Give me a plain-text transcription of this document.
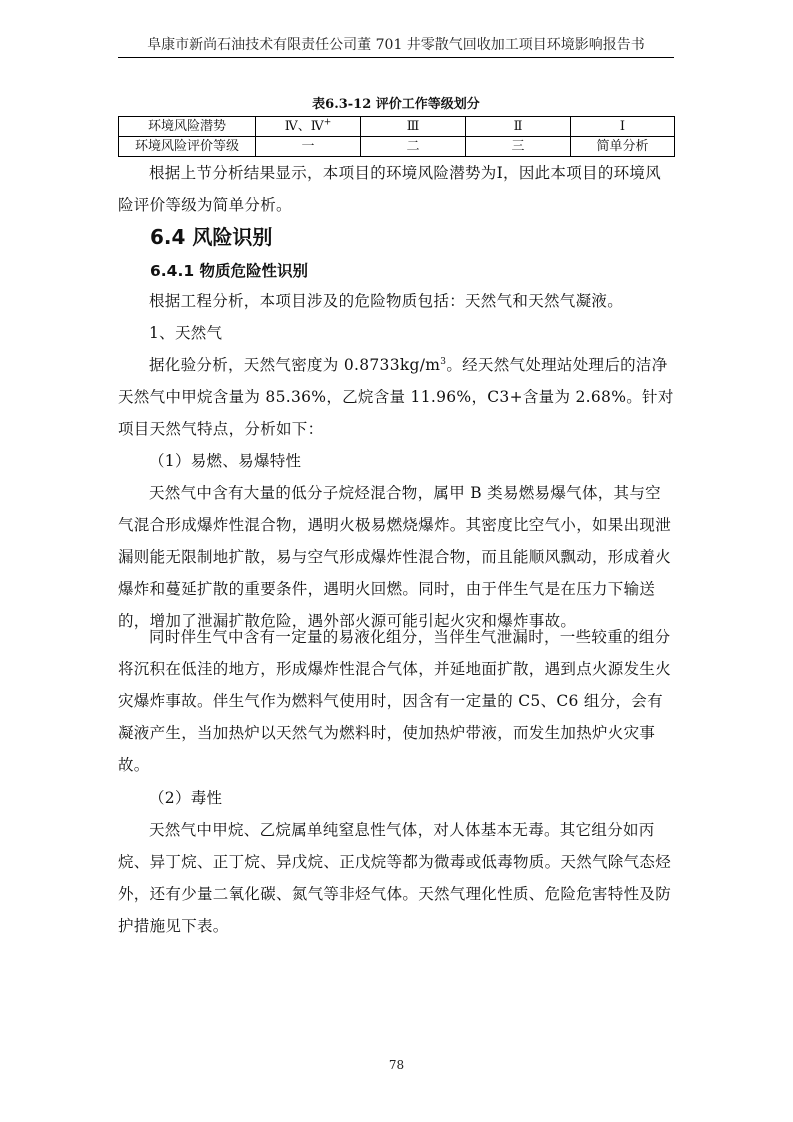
阜康市新尚石油技术有限责任公司董 701 井零散气回收加工项目环境影响报告书
表6.3-12 评价工作等级划分
环境风险潜势	Ⅳ、Ⅳ+	Ⅲ	Ⅱ	Ⅰ
环境风险评价等级	一	二	三	简单分析
根据上节分析结果显示，本项目的环境风险潜势为Ⅰ，因此本项目的环境风险评价等级为简单分析。
6.4 风险识别
6.4.1 物质危险性识别
根据工程分析，本项目涉及的危险物质包括：天然气和天然气凝液。
1、天然气
据化验分析，天然气密度为 $0.8733kg/m^3$。经天然气处理站处理后的洁净天然气中甲烷含量为 85.36%，乙烷含量 11.96%，C3+含量为 2.68%。针对项目天然气特点，分析如下：
（1）易燃、易爆特性
天然气中含有大量的低分子烷烃混合物，属甲 B 类易燃易爆气体，其与空气混合形成爆炸性混合物，遇明火极易燃烧爆炸。其密度比空气小，如果出现泄漏则能无限制地扩散，易与空气形成爆炸性混合物，而且能顺风飘动，形成着火爆炸和蔓延扩散的重要条件，遇明火回燃。同时，由于伴生气是在压力下输送的，增加了泄漏扩散危险，遇外部火源可能引起火灾和爆炸事故。
同时伴生气中含有一定量的易液化组分，当伴生气泄漏时，一些较重的组分将沉积在低洼的地方，形成爆炸性混合气体，并延地面扩散，遇到点火源发生火灾爆炸事故。伴生气作为燃料气使用时，因含有一定量的 C5、C6 组分，会有凝液产生，当加热炉以天然气为燃料时，使加热炉带液，而发生加热炉火灾事故。
（2）毒性
天然气中甲烷、乙烷属单纯窒息性气体，对人体基本无毒。其它组分如丙烷、异丁烷、正丁烷、异戊烷、正戊烷等都为微毒或低毒物质。天然气除气态烃外，还有少量二氧化碳、氮气等非烃气体。天然气理化性质、危险危害特性及防护措施见下表。
78
